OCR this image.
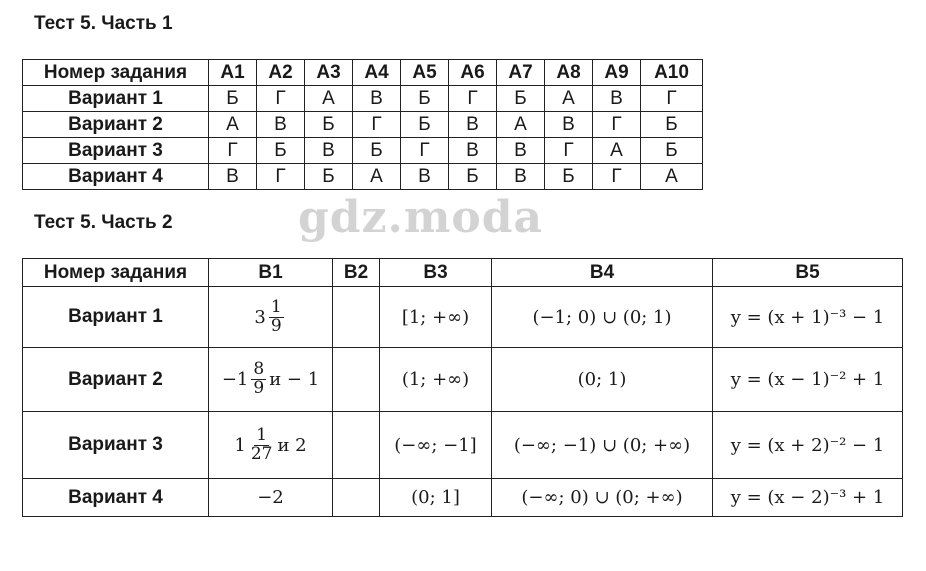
Тест 5. Часть 1
Номер задания	A1	A2	A3	A4	A5	A6	A7	A8	A9	A10
Вариант 1	Б	Г	А	В	Б	Г	Б	А	В	Г
Вариант 2	А	В	Б	Г	Б	В	А	В	Г	Б
Вариант 3	Г	Б	В	Б	Г	В	В	Г	А	Б
Вариант 4	В	Г	Б	А	В	Б	В	Б	Г	А
Тест 5. Часть 2	gdz.moda
Номер задания	B1	B2	B3	B4	B5
Вариант 1	$3 \frac{1}{9}$		[1; +∞)	(−1; 0) ∪ (0; 1)	y = (x + 1)⁻³ − 1
Вариант 2	$-1 \frac{8}{9}$ и − 1		(1; +∞)	(0; 1)	y = (x − 1)⁻² + 1
Вариант 3	$1 \frac{1}{27}$ и 2		(−∞; −1]	(−∞; −1) ∪ (0; +∞)	y = (x + 2)⁻² − 1
Вариант 4	−2		(0; 1]	(−∞; 0) ∪ (0; +∞)	y = (x − 2)⁻³ + 1
